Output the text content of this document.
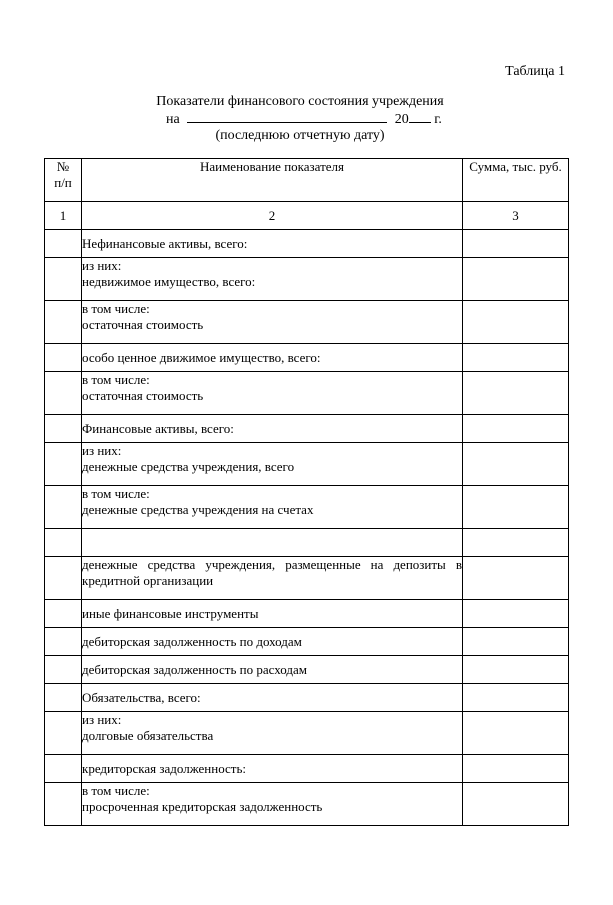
Таблица 1
Показатели финансового состояния учреждения
на	20 г.
(последнюю отчетную дату)
№
п/п	Наименование показателя	Сумма, тыс. руб.
1	2	3

	Нефинансовые активы, всего:	

	из них:
недвижимое имущество, всего:	

	в том числе:
остаточная стоимость	

	особо ценное движимое имущество, всего:	

	в том числе:
остаточная стоимость	

	Финансовые активы, всего:	

	из них:
денежные средства учреждения, всего	

	в том числе:
денежные средства учреждения на счетах	

	денежные средства учреждения, размещенные на депозиты в кредитной организации	

	иные финансовые инструменты	

	дебиторская задолженность по доходам	

	дебиторская задолженность по расходам	

	Обязательства, всего:	

	из них:
долговые обязательства	

	кредиторская задолженность:	

	в том числе:
просроченная кредиторская задолженность	
